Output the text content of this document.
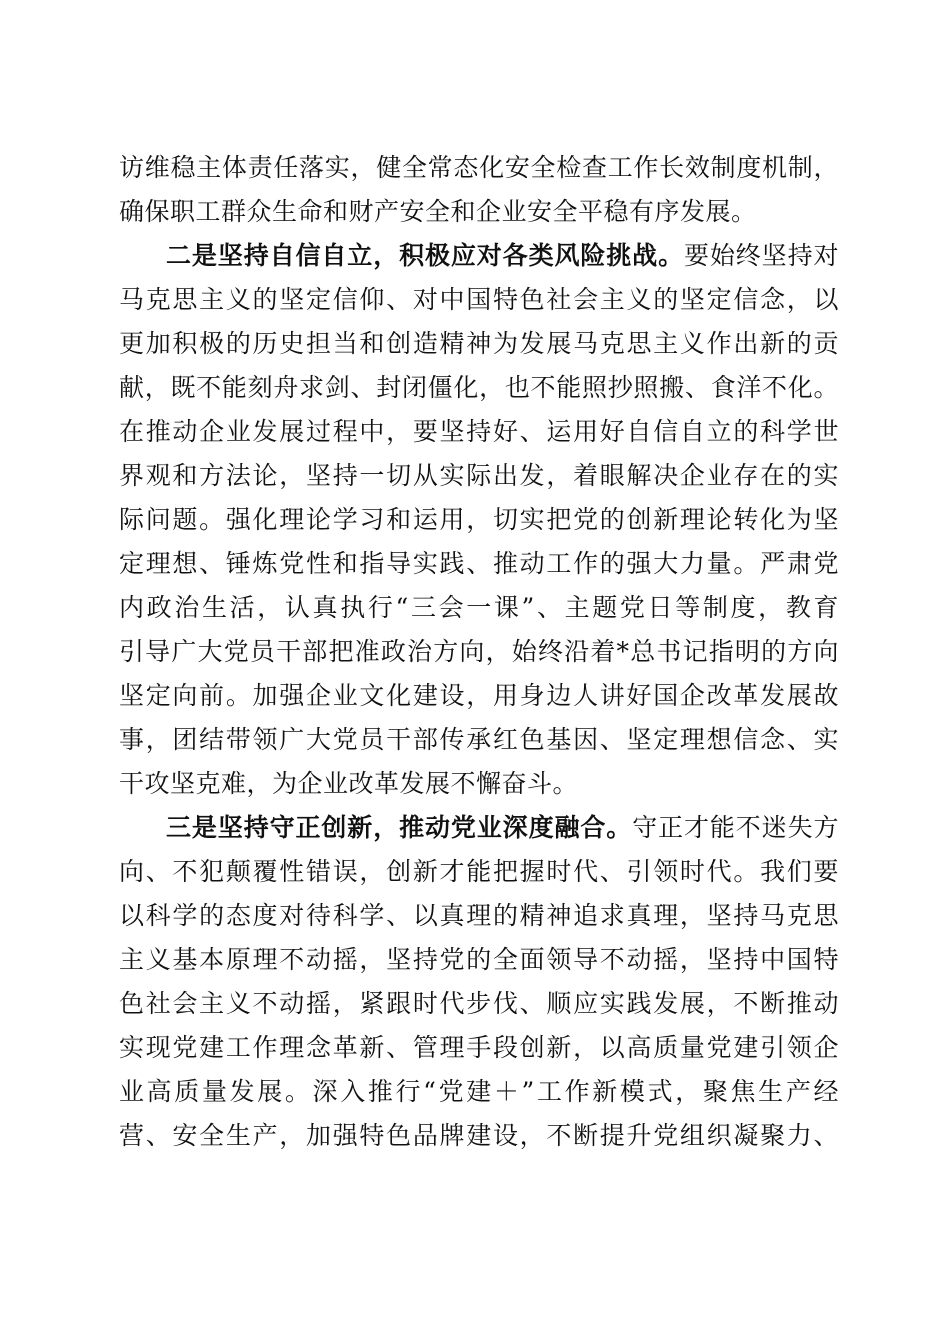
访维稳主体责任落实，健全常态化安全检查工作长效制度机制，
确保职工群众生命和财产安全和企业安全平稳有序发展。
二是坚持自信自立，积极应对各类风险挑战。要始终坚持对
马克思主义的坚定信仰、对中国特色社会主义的坚定信念，以
更加积极的历史担当和创造精神为发展马克思主义作出新的贡
献，既不能刻舟求剑、封闭僵化，也不能照抄照搬、食洋不化。
在推动企业发展过程中，要坚持好、运用好自信自立的科学世
界观和方法论，坚持一切从实际出发，着眼解决企业存在的实
际问题。强化理论学习和运用，切实把党的创新理论转化为坚
定理想、锤炼党性和指导实践、推动工作的强大力量。严肃党
内政治生活，认真执行“三会一课”、主题党日等制度，教育
引导广大党员干部把准政治方向，始终沿着*总书记指明的方向
坚定向前。加强企业文化建设，用身边人讲好国企改革发展故
事，团结带领广大党员干部传承红色基因、坚定理想信念、实
干攻坚克难，为企业改革发展不懈奋斗。
三是坚持守正创新，推动党业深度融合。守正才能不迷失方
向、不犯颠覆性错误，创新才能把握时代、引领时代。我们要
以科学的态度对待科学、以真理的精神追求真理，坚持马克思
主义基本原理不动摇，坚持党的全面领导不动摇，坚持中国特
色社会主义不动摇，紧跟时代步伐、顺应实践发展，不断推动
实现党建工作理念革新、管理手段创新，以高质量党建引领企
业高质量发展。深入推行“党建＋”工作新模式，聚焦生产经
营、安全生产，加强特色品牌建设，不断提升党组织凝聚力、
